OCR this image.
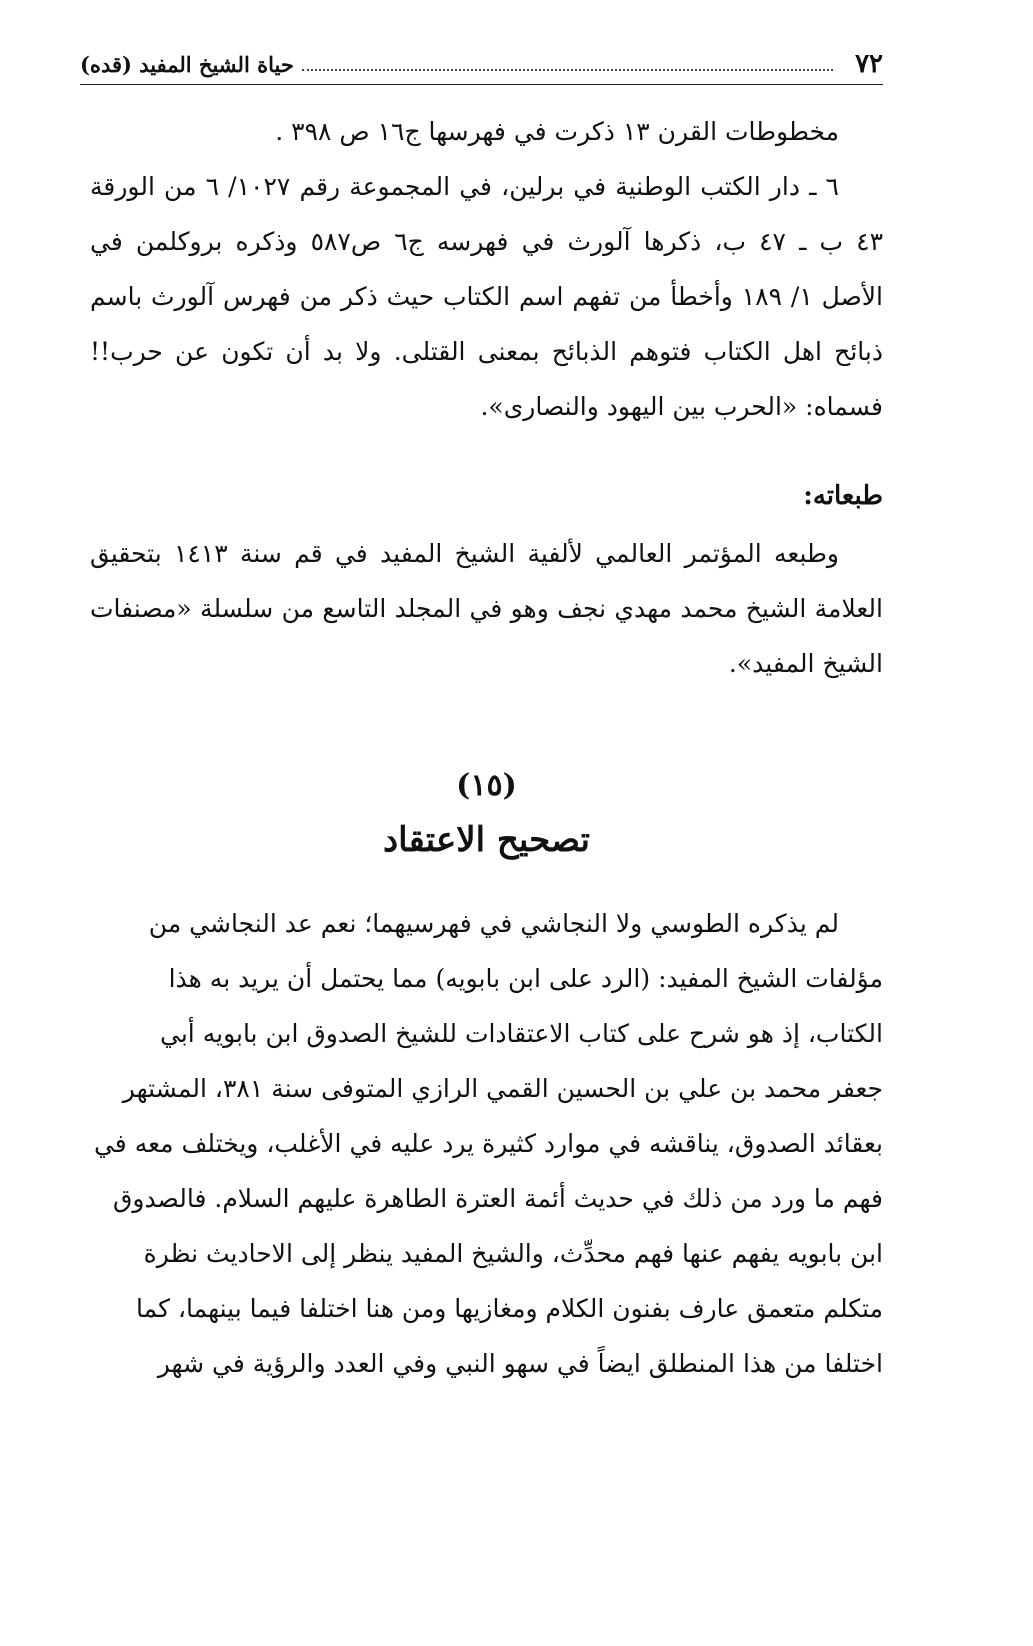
٧٢
حياة الشيخ المفيد (قده)

مخطوطات القرن ١٣ ذكرت في فهرسها ج١٦ ص ٣٩٨ .

٦ ـ دار الكتب الوطنية في برلين، في المجموعة رقم ١٠٢٧/ ٦ من الورقة ٤٣ ب ـ ٤٧ ب، ذكرها آلورث في فهرسه ج٦ ص٥٨٧ وذكره بروكلمن في الأصل ١/ ١٨٩ وأخطأ من تفهم اسم الكتاب حيث ذكر من فهرس آلورث باسم ذبائح اهل الكتاب فتوهم الذبائح بمعنى القتلى. ولا بد أن تكون عن حرب!! فسماه: «الحرب بين اليهود والنصارى».

طبعاته:

وطبعه المؤتمر العالمي لألفية الشيخ المفيد في قم سنة ١٤١٣ بتحقيق العلامة الشيخ محمد مهدي نجف وهو في المجلد التاسع من سلسلة «مصنفات الشيخ المفيد».

(١٥)

تصحيح الاعتقاد

لم يذكره الطوسي ولا النجاشي في فهرسيهما؛ نعم عد النجاشي من
مؤلفات الشيخ المفيد: (الرد على ابن بابويه) مما يحتمل أن يريد به هذا
الكتاب، إذ هو شرح على كتاب الاعتقادات للشيخ الصدوق ابن بابويه أبي
جعفر محمد بن علي بن الحسين القمي الرازي المتوفى سنة ٣٨١، المشتهر
بعقائد الصدوق، يناقشه في موارد كثيرة يرد عليه في الأغلب، ويختلف معه في
فهم ما ورد من ذلك في حديث أئمة العترة الطاهرة عليهم السلام. فالصدوق
ابن بابويه يفهم عنها فهم محدِّث، والشيخ المفيد ينظر إلى الاحاديث نظرة
متكلم متعمق عارف بفنون الكلام ومغازيها ومن هنا اختلفا فيما بينهما، كما
اختلفا من هذا المنطلق ايضاً في سهو النبي وفي العدد والرؤية في شهر
